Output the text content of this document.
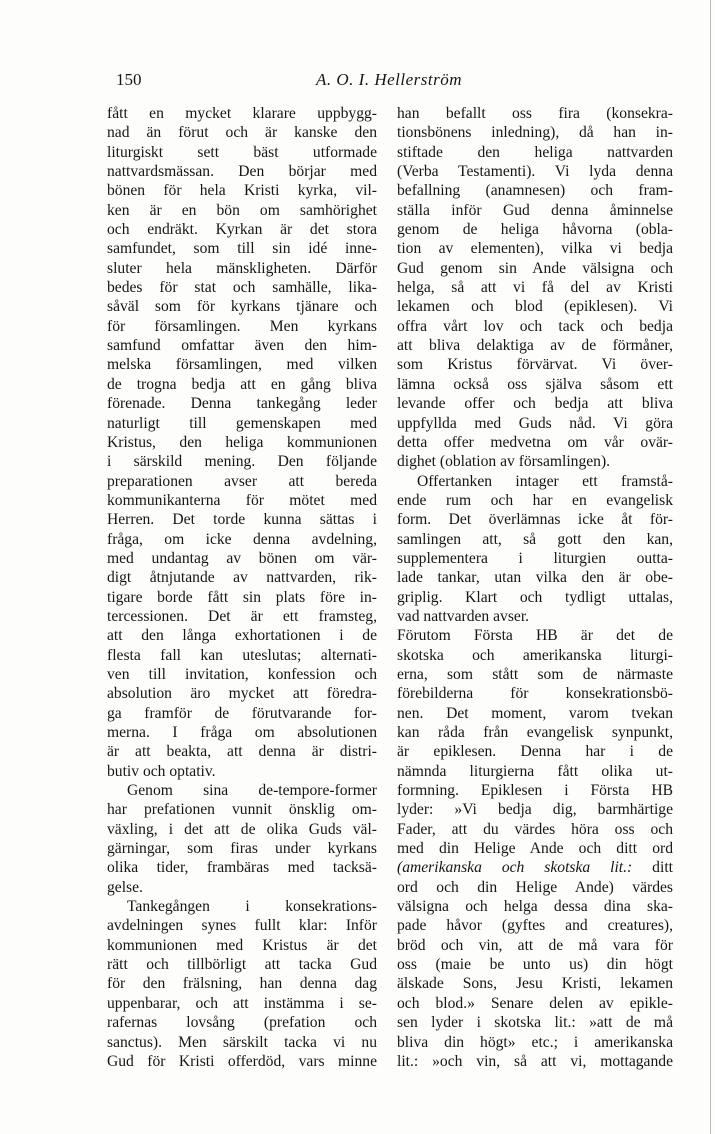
150	A. O. I. Hellerström

fått en mycket klarare uppbygg-
nad än förut och är kanske den
liturgiskt sett bäst utformade
nattvardsmässan. Den börjar med
bönen för hela Kristi kyrka, vil-
ken är en bön om samhörighet
och endräkt. Kyrkan är det stora
samfundet, som till sin idé inne-
sluter hela mänskligheten. Därför
bedes för stat och samhälle, lika-
såväl som för kyrkans tjänare och
för församlingen. Men kyrkans
samfund omfattar även den him-
melska församlingen, med vilken
de trogna bedja att en gång bliva
förenade. Denna tankegång leder
naturligt till gemenskapen med
Kristus, den heliga kommunionen
i särskild mening. Den följande
preparationen avser att bereda
kommunikanterna för mötet med
Herren. Det torde kunna sättas i
fråga, om icke denna avdelning,
med undantag av bönen om vär-
digt åtnjutande av nattvarden, rik-
tigare borde fått sin plats före in-
tercessionen. Det är ett framsteg,
att den långa exhortationen i de
flesta fall kan uteslutas; alternati-
ven till invitation, konfession och
absolution äro mycket att föredra-
ga framför de förutvarande for-
merna. I fråga om absolutionen
är att beakta, att denna är distri-
butiv och optativ.

Genom sina de-tempore-former
har prefationen vunnit önsklig om-
växling, i det att de olika Guds väl-
gärningar, som firas under kyrkans
olika tider, frambäras med tacksä-
gelse.

Tankegången i konsekrations-
avdelningen synes fullt klar: Inför
kommunionen med Kristus är det
rätt och tillbörligt att tacka Gud
för den frälsning, han denna dag
uppenbarar, och att instämma i se-
rafernas lovsång (prefation och
sanctus). Men särskilt tacka vi nu
Gud för Kristi offerdöd, vars minne

han befallt oss fira (konsekra-
tionsbönens inledning), då han in-
stiftade den heliga nattvarden
(Verba Testamenti). Vi lyda denna
befallning (anamnesen) och fram-
ställa inför Gud denna åminnelse
genom de heliga håvorna (obla-
tion av elementen), vilka vi bedja
Gud genom sin Ande välsigna och
helga, så att vi få del av Kristi
lekamen och blod (epiklesen). Vi
offra vårt lov och tack och bedja
att bliva delaktiga av de förmåner,
som Kristus förvärvat. Vi över-
lämna också oss själva såsom ett
levande offer och bedja att bliva
uppfyllda med Guds nåd. Vi göra
detta offer medvetna om vår ovär-
dighet (oblation av församlingen).

Offertanken intager ett framstå-
ende rum och har en evangelisk
form. Det överlämnas icke åt för-
samlingen att, så gott den kan,
supplementera i liturgien outta-
lade tankar, utan vilka den är obe-
griplig. Klart och tydligt uttalas,
vad nattvarden avser.

Förutom Första HB är det de
skotska och amerikanska liturgi-
erna, som stått som de närmaste
förebilderna för konsekrationsbö-
nen. Det moment, varom tvekan
kan råda från evangelisk synpunkt,
är epiklesen. Denna har i de
nämnda liturgierna fått olika ut-
formning. Epiklesen i Första HB
lyder: »Vi bedja dig, barmhärtige
Fader, att du värdes höra oss och
med din Helige Ande och ditt ord
(amerikanska och skotska lit.: ditt
ord och din Helige Ande) värdes
välsigna och helga dessa dina ska-
pade håvor (gyftes and creatures),
bröd och vin, att de må vara för
oss (maie be unto us) din högt
älskade Sons, Jesu Kristi, lekamen
och blod.» Senare delen av epikle-
sen lyder i skotska lit.: »att de må
bliva din högt» etc.; i amerikanska
lit.: »och vin, så att vi, mottagande
